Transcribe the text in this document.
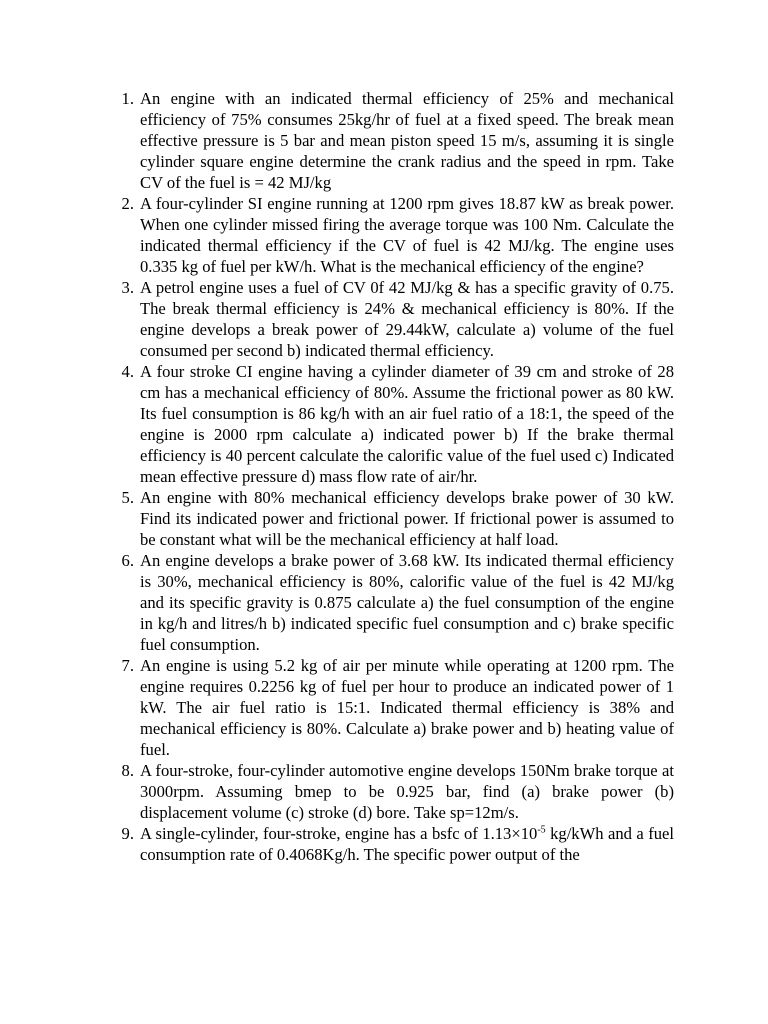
1. An engine with an indicated thermal efficiency of 25% and mechanical efficiency of 75% consumes 25kg/hr of fuel at a fixed speed. The break mean effective pressure is 5 bar and mean piston speed 15 m/s, assuming it is single cylinder square engine determine the crank radius and the speed in rpm. Take CV of the fuel is = 42 MJ/kg
2. A four-cylinder SI engine running at 1200 rpm gives 18.87 kW as break power. When one cylinder missed firing the average torque was 100 Nm. Calculate the indicated thermal efficiency if the CV of fuel is 42 MJ/kg. The engine uses 0.335 kg of fuel per kW/h. What is the mechanical efficiency of the engine?
3. A petrol engine uses a fuel of CV 0f 42 MJ/kg & has a specific gravity of 0.75. The break thermal efficiency is 24% & mechanical efficiency is 80%. If the engine develops a break power of 29.44kW, calculate a) volume of the fuel consumed per second b) indicated thermal efficiency.
4. A four stroke CI engine having a cylinder diameter of 39 cm and stroke of 28 cm has a mechanical efficiency of 80%. Assume the frictional power as 80 kW. Its fuel consumption is 86 kg/h with an air fuel ratio of a 18:1, the speed of the engine is 2000 rpm calculate a) indicated power b) If the brake thermal efficiency is 40 percent calculate the calorific value of the fuel used c) Indicated mean effective pressure d) mass flow rate of air/hr.
5. An engine with 80% mechanical efficiency develops brake power of 30 kW. Find its indicated power and frictional power. If frictional power is assumed to be constant what will be the mechanical efficiency at half load.
6. An engine develops a brake power of 3.68 kW. Its indicated thermal efficiency is 30%, mechanical efficiency is 80%, calorific value of the fuel is 42 MJ/kg and its specific gravity is 0.875 calculate a) the fuel consumption of the engine in kg/h and litres/h b) indicated specific fuel consumption and c) brake specific fuel consumption.
7. An engine is using 5.2 kg of air per minute while operating at 1200 rpm. The engine requires 0.2256 kg of fuel per hour to produce an indicated power of 1 kW. The air fuel ratio is 15:1. Indicated thermal efficiency is 38% and mechanical efficiency is 80%. Calculate a) brake power and b) heating value of fuel.
8. A four-stroke, four-cylinder automotive engine develops 150Nm brake torque at 3000rpm. Assuming bmep to be 0.925 bar, find (a) brake power (b) displacement volume (c) stroke (d) bore. Take sp=12m/s.
9. A single-cylinder, four-stroke, engine has a bsfc of $1.13\times 10^{-5}$ kg/kWh and a fuel consumption rate of 0.4068Kg/h. The specific power output of the
